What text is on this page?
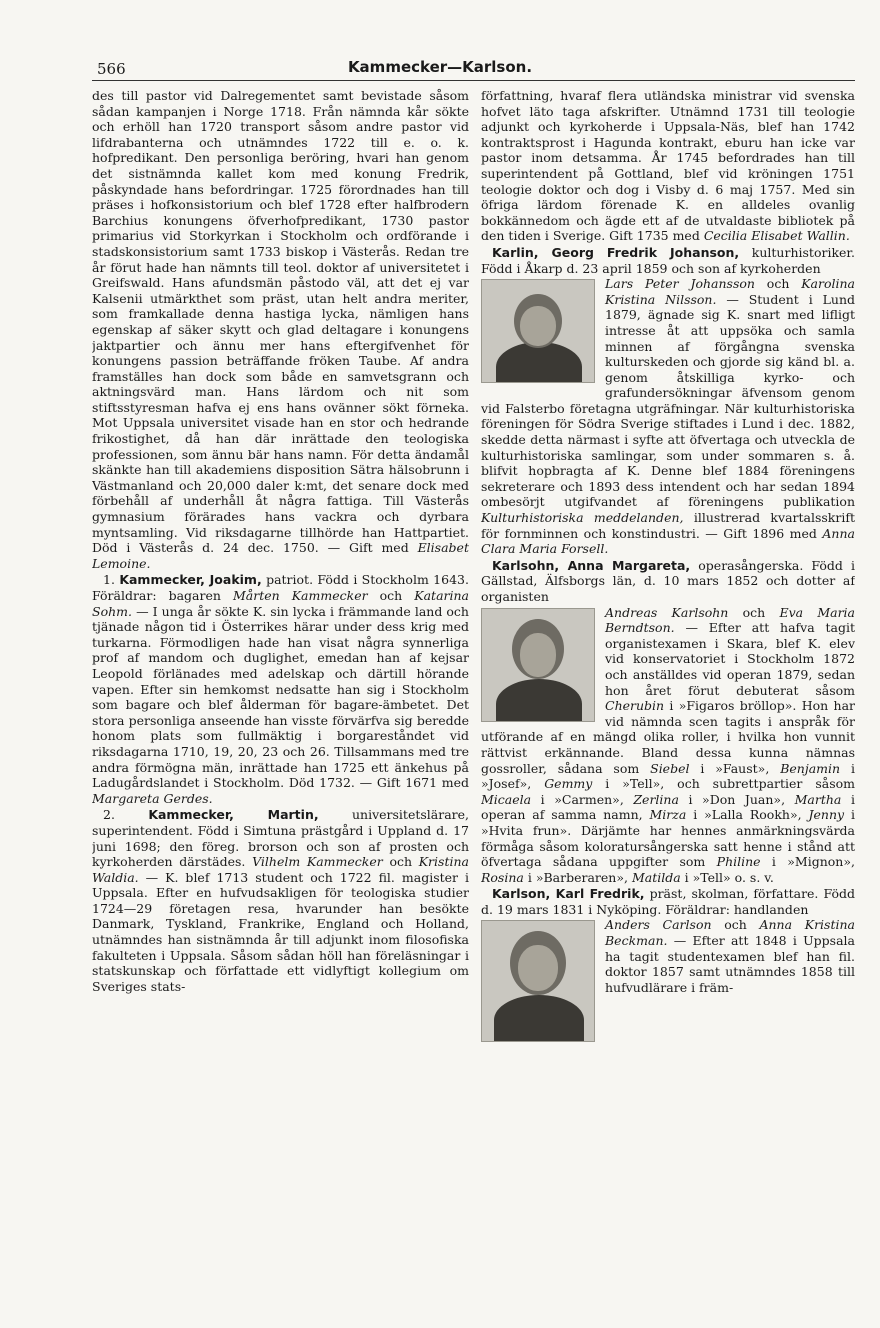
566	Kammecker—Karlson.

des till pastor vid Dalregementet samt bevistade såsom sådan kampanjen i Norge 1718. Från nämnda kår sökte och erhöll han 1720 transport såsom andre pastor vid lifdrabanterna och utnämndes 1722 till e. o. k. hofpredikant. Den personliga beröring, hvari han genom det sistnämnda kallet kom med konung Fredrik, påskyndade hans befordringar. 1725 förordnades han till präses i hofkonsistorium och blef 1728 efter halfbrodern Barchius konungens öfverhofpredikant, 1730 pastor primarius vid Storkyrkan i Stockholm och ordförande i stadskonsistorium samt 1733 biskop i Västerås. Redan tre år förut hade han nämnts till teol. doktor af universitetet i Greifswald. Hans afundsmän påstodo väl, att det ej var Kalsenii utmärkthet som präst, utan helt andra meriter, som framkallade denna hastiga lycka, nämligen hans egenskap af säker skytt och glad deltagare i konungens jaktpartier och ännu mer hans eftergifvenhet för konungens passion beträffande fröken Taube. Af andra framställes han dock som både en samvetsgrann och aktningsvärd man. Hans lärdom och nit som stiftsstyresman hafva ej ens hans ovänner sökt förneka. Mot Uppsala universitet visade han en stor och hedrande frikostighet, då han där inrättade den teologiska professionen, som ännu bär hans namn. För detta ändamål skänkte han till akademiens disposition Sätra hälsobrunn i Västmanland och 20,000 daler k:mt, det senare dock med förbehåll af underhåll åt några fattiga. Till Västerås gymnasium förärades hans vackra och dyrbara myntsamling. Vid riksdagarne tillhörde han Hattpartiet. Död i Västerås d. 24 dec. 1750. — Gift med Elisabet Lemoine.

1. Kammecker, Joakim, patriot. Född i Stockholm 1643. Föräldrar: bagaren Mårten Kammecker och Katarina Sohm. — I unga år sökte K. sin lycka i främmande land och tjänade någon tid i Österrikes härar under dess krig med turkarna. Förmodligen hade han visat några synnerliga prof af mandom och duglighet, emedan han af kejsar Leopold förlänades med adelskap och därtill hörande vapen. Efter sin hemkomst nedsatte han sig i Stockholm som bagare och blef ålderman för bagare-ämbetet. Det stora personliga anseende han visste förvärfva sig beredde honom plats som fullmäktig i borgareståndet vid riksdagarna 1710, 19, 20, 23 och 26. Tillsammans med tre andra förmögna män, inrättade han 1725 ett änkehus på Ladugårdslandet i Stockholm. Död 1732. — Gift 1671 med Margareta Gerdes.

2.	Kammecker, Martin,	universitetslärare, superintendent. Född i Simtuna prästgård i Uppland d. 17 juni 1698; den föreg. brorson och son af prosten och kyrkoherden därstädes. Vilhelm Kammecker och Kristina Waldia. — K. blef 1713 student och 1722 fil. magister i Uppsala. Efter en hufvudsakligen för teologiska studier 1724—29 företagen resa, hvarunder han besökte Danmark, Tyskland, Frankrike, England och Holland, utnämndes han sistnämnda år till adjunkt inom filosofiska fakulteten i Uppsala. Såsom sådan höll han föreläsningar i statskunskap och författade ett vidlyftigt kollegium om Sveriges stats-

författning, hvaraf flera utländska ministrar vid svenska hofvet läto taga afskrifter. Utnämnd 1731 till teologie adjunkt och kyrkoherde i Uppsala-Näs, blef han 1742 kontraktsprost i Hagunda kontrakt, eburu han icke var pastor inom detsamma. År 1745 befordrades han till superintendent på Gottland, blef vid kröningen 1751 teologie doktor och dog i Visby d. 6 maj 1757. Med sin öfriga lärdom förenade K. en alldeles ovanlig bokkännedom och ägde ett af de utvaldaste bibliotek på den tiden i Sverige. Gift 1735 med Cecilia Elisabet Wallin.

Karlin, Georg Fredrik Johanson, kulturhistoriker. Född i Åkarp d. 23 april 1859 och son af kyrkoherden

Lars Peter Johansson och Karolina Kristina Nilsson. — Student i Lund 1879, ägnade sig K. snart med lifligt intresse åt att uppsöka och samla minnen af förgångna svenska kulturskeden och gjorde sig känd bl. a. genom åtskilliga kyrko- och grafundersökningar äfvensom genom vid Falsterbo företagna utgräfningar. När kulturhistoriska föreningen för Södra Sverige stiftades i Lund i dec. 1882, skedde detta närmast i syfte att öfvertaga och utveckla de kulturhistoriska samlingar, som under sommaren s. å. blifvit hopbragta af K. Denne blef 1884 föreningens sekreterare och 1893 dess intendent och har sedan 1894 ombesörjt utgifvandet af föreningens publikation Kulturhistoriska meddelanden, illustrerad kvartalsskrift för fornminnen och konstindustri. — Gift 1896 med Anna Clara Maria Forsell.

Karlsohn, Anna Margareta, operasångerska. Född i Gällstad, Älfsborgs län, d. 10 mars 1852 och dotter af organisten

Andreas Karlsohn och Eva Maria Berndtson. — Efter att hafva tagit organistexamen i Skara, blef K. elev vid konservatoriet i Stockholm 1872 och anställdes vid operan 1879, sedan hon året förut debuterat såsom Cherubin i »Figaros bröllop». Hon har vid nämnda scen tagits i anspråk för utförande af en mängd olika roller, i hvilka hon vunnit rättvist erkännande. Bland dessa kunna nämnas gossroller, sådana som Siebel i »Faust», Benjamin i »Josef», Gemmy i »Tell», och subrettpartier såsom Micaela i »Carmen», Zerlina i »Don Juan», Martha i operan af samma namn, Mirza i »Lalla Rookh», Jenny i »Hvita frun». Därjämte har hennes anmärkningsvärda förmåga såsom koloratursångerska satt henne i stånd att öfvertaga sådana uppgifter som Philine i »Mignon», Rosina i »Barberaren», Matilda i »Tell» o. s. v.

Karlson, Karl Fredrik, präst, skolman, författare. Född d. 19 mars 1831 i Nyköping. Föräldrar: handlanden

Anders Carlson och Anna Kristina Beckman. — Efter att 1848 i Uppsala ha tagit studentexamen blef han fil. doktor 1857 samt utnämndes 1858 till hufvudlärare i främ-
